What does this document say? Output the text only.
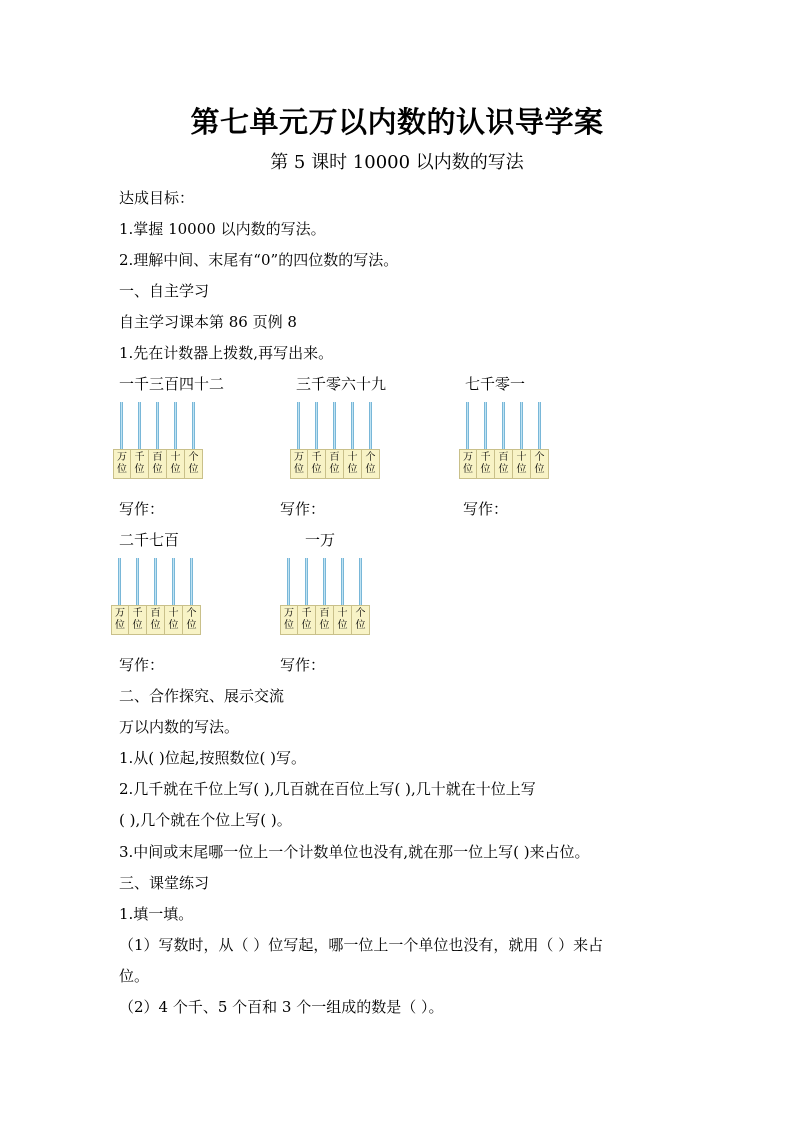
第七单元万以内数的认识导学案
第 5 课时 10000 以内数的写法
达成目标：
1.掌握 10000 以内数的写法。
2.理解中间、末尾有“0”的四位数的写法。
一、自主学习
自主学习课本第 86 页例 8
1.先在计数器上拨数,再写出来。
一千三百四十二	三千零六十九	七千零一
万
位
千
位
百
位
十
位
个
位
万
位
千
位
百
位
十
位
个
位
万
位
千
位
百
位
十
位
个
位
写作：	写作：	写作：
二千七百	一万
万
位
千
位
百
位
十
位
个
位
万
位
千
位
百
位
十
位
个
位
写作：	写作：
二、合作探究、展示交流
万以内数的写法。
1.从( )位起,按照数位( )写。
2.几千就在千位上写( ),几百就在百位上写( ),几十就在十位上写
( ),几个就在个位上写( )。
3.中间或末尾哪一位上一个计数单位也没有,就在那一位上写( )来占位。
三、课堂练习
1.填一填。
（1）写数时，从（ ）位写起，哪一位上一个单位也没有，就用（ ）来占
位。
（2）4 个千、5 个百和 3 个一组成的数是（ ）。
